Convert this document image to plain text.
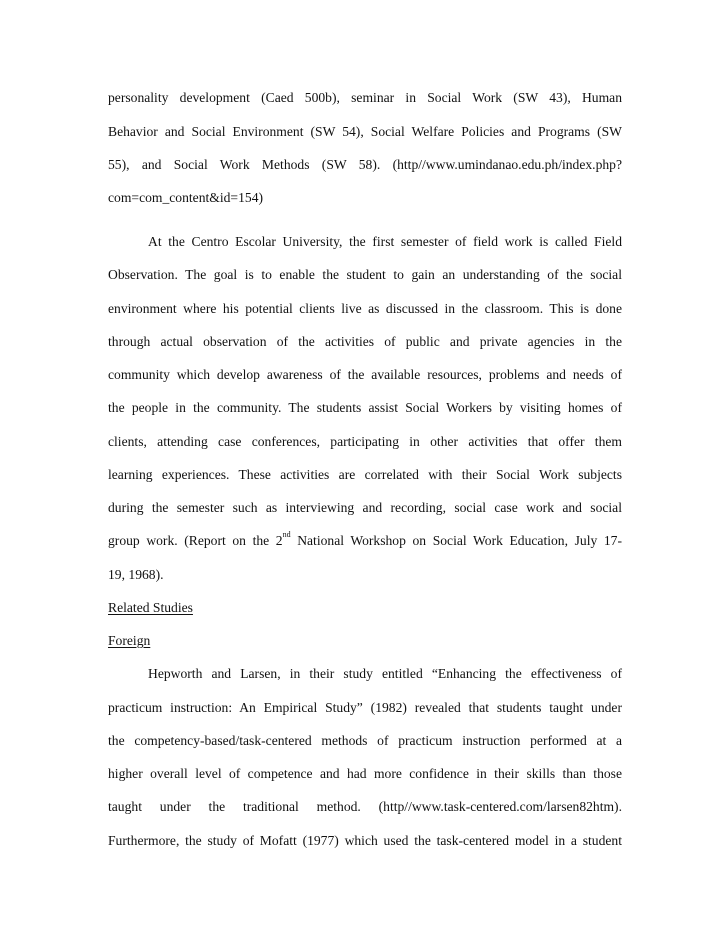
personality development (Caed 500b), seminar in Social Work (SW 43), Human
Behavior and Social Environment (SW 54), Social Welfare Policies and Programs (SW
55), and Social Work Methods (SW 58). (http//www.umindanao.edu.ph/index.php?
com=com_content&id=154)
At the Centro Escolar University, the first semester of field work is called Field
Observation. The goal is to enable the student to gain an understanding of the social
environment where his potential clients live as discussed in the classroom. This is done
through actual observation of the activities of public and private agencies in the
community which develop awareness of the available resources, problems and needs of
the people in the community. The students assist Social Workers by visiting homes of
clients, attending case conferences, participating in other activities that offer them
learning experiences. These activities are correlated with their Social Work subjects
during the semester such as interviewing and recording, social case work and social
group work. (Report on the 2nd National Workshop on Social Work Education, July 17-
19, 1968).
Related Studies
Foreign
Hepworth and Larsen, in their study entitled “Enhancing the effectiveness of
practicum instruction: An Empirical Study” (1982) revealed that students taught under
the competency-based/task-centered methods of practicum instruction performed at a
higher overall level of competence and had more confidence in their skills than those
taught under the traditional method. (http//www.task-centered.com/larsen82htm).
Furthermore, the study of Mofatt (1977) which used the task-centered model in a student
